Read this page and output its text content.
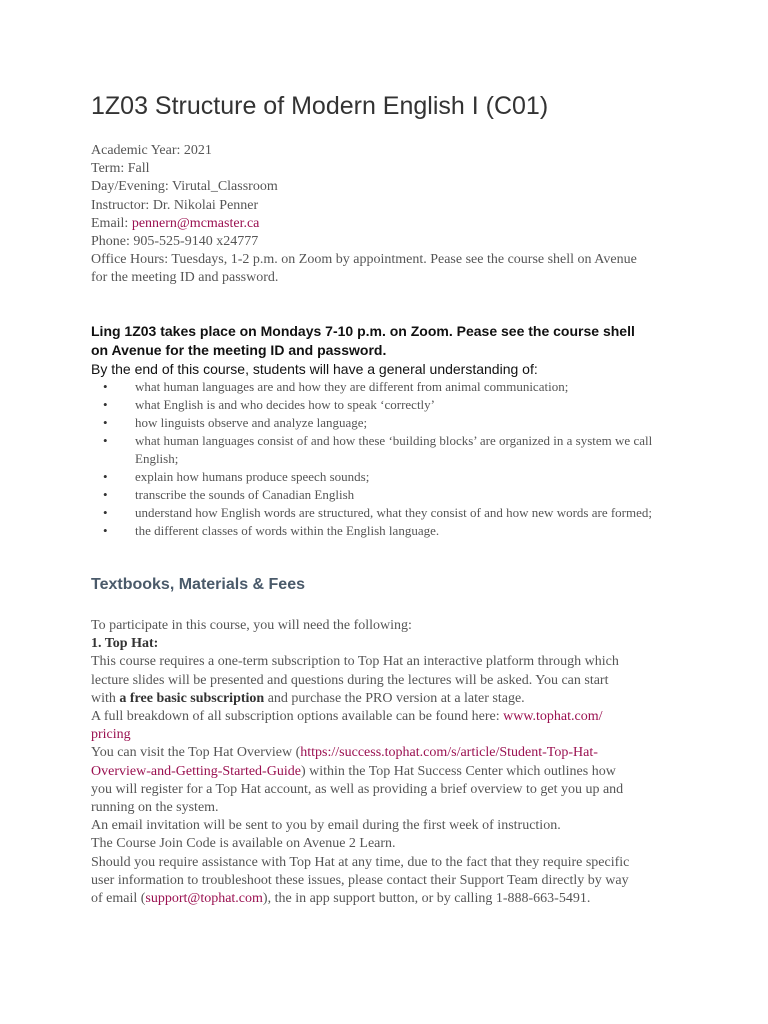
1Z03 Structure of Modern English I (C01)
Academic Year: 2021
Term: Fall
Day/Evening: Virutal_Classroom
Instructor: Dr. Nikolai Penner
Email: pennern@mcmaster.ca
Phone: 905-525-9140 x24777
Office Hours: Tuesdays, 1-2 p.m. on Zoom by appointment. Pease see the course shell on Avenue
for the meeting ID and password.
Ling 1Z03 takes place on Mondays 7-10 p.m. on Zoom. Pease see the course shell
on Avenue for the meeting ID and password.
By the end of this course, students will have a general understanding of:
• what human languages are and how they are different from animal communication;
• what English is and who decides how to speak ‘correctly’
• how linguists observe and analyze language;
• what human languages consist of and how these ‘building blocks’ are organized in a system we call English;
• explain how humans produce speech sounds;
• transcribe the sounds of Canadian English
• understand how English words are structured, what they consist of and how new words are formed;
• the different classes of words within the English language.
Textbooks, Materials & Fees
To participate in this course, you will need the following:
1. Top Hat:
This course requires a one-term subscription to Top Hat an interactive platform through which
lecture slides will be presented and questions during the lectures will be asked. You can start
with a free basic subscription and purchase the PRO version at a later stage.
A full breakdown of all subscription options available can be found here: www.tophat.com/
pricing
You can visit the Top Hat Overview (https://success.tophat.com/s/article/Student-Top-Hat-
Overview-and-Getting-Started-Guide) within the Top Hat Success Center which outlines how
you will register for a Top Hat account, as well as providing a brief overview to get you up and
running on the system.
An email invitation will be sent to you by email during the first week of instruction.
The Course Join Code is available on Avenue 2 Learn.
Should you require assistance with Top Hat at any time, due to the fact that they require specific
user information to troubleshoot these issues, please contact their Support Team directly by way
of email (support@tophat.com), the in app support button, or by calling 1-888-663-5491.
